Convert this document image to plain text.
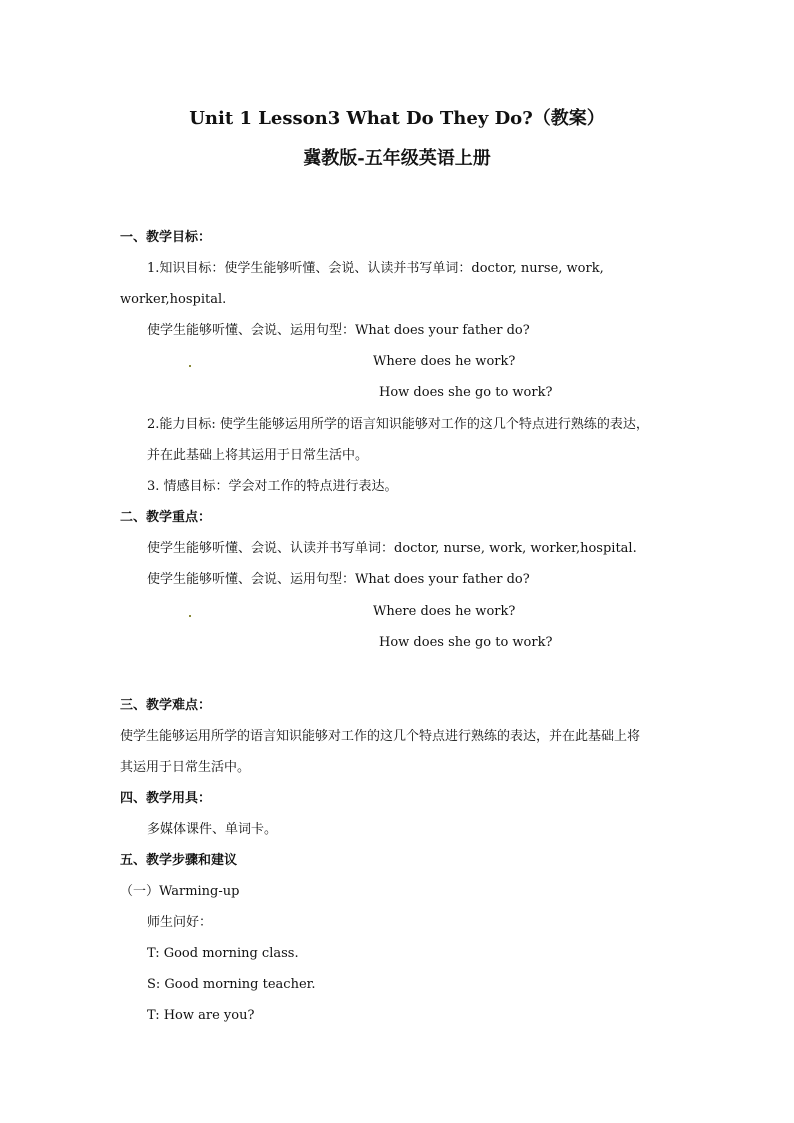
Unit 1 Lesson3 What Do They Do?（教案）
冀教版-五年级英语上册
一、教学目标：
1.知识目标：使学生能够听懂、会说、认读并书写单词：doctor, nurse, work,
worker,hospital.
使学生能够听懂、会说、运用句型：What does your father do?
Where does he work?
How does she go to work?
2.能力目标: 使学生能够运用所学的语言知识能够对工作的这几个特点进行熟练的表达，
并在此基础上将其运用于日常生活中。
3. 情感目标：学会对工作的特点进行表达。
二、教学重点：
使学生能够听懂、会说、认读并书写单词：doctor, nurse, work, worker,hospital.
使学生能够听懂、会说、运用句型：What does your father do?
Where does he work?
How does she go to work?
三、教学难点：
使学生能够运用所学的语言知识能够对工作的这几个特点进行熟练的表达，并在此基础上将
其运用于日常生活中。
四、教学用具：
多媒体课件、单词卡。
五、教学步骤和建议
（一）Warming-up
师生问好：
T: Good morning class.
S: Good morning teacher.
T: How are you?
